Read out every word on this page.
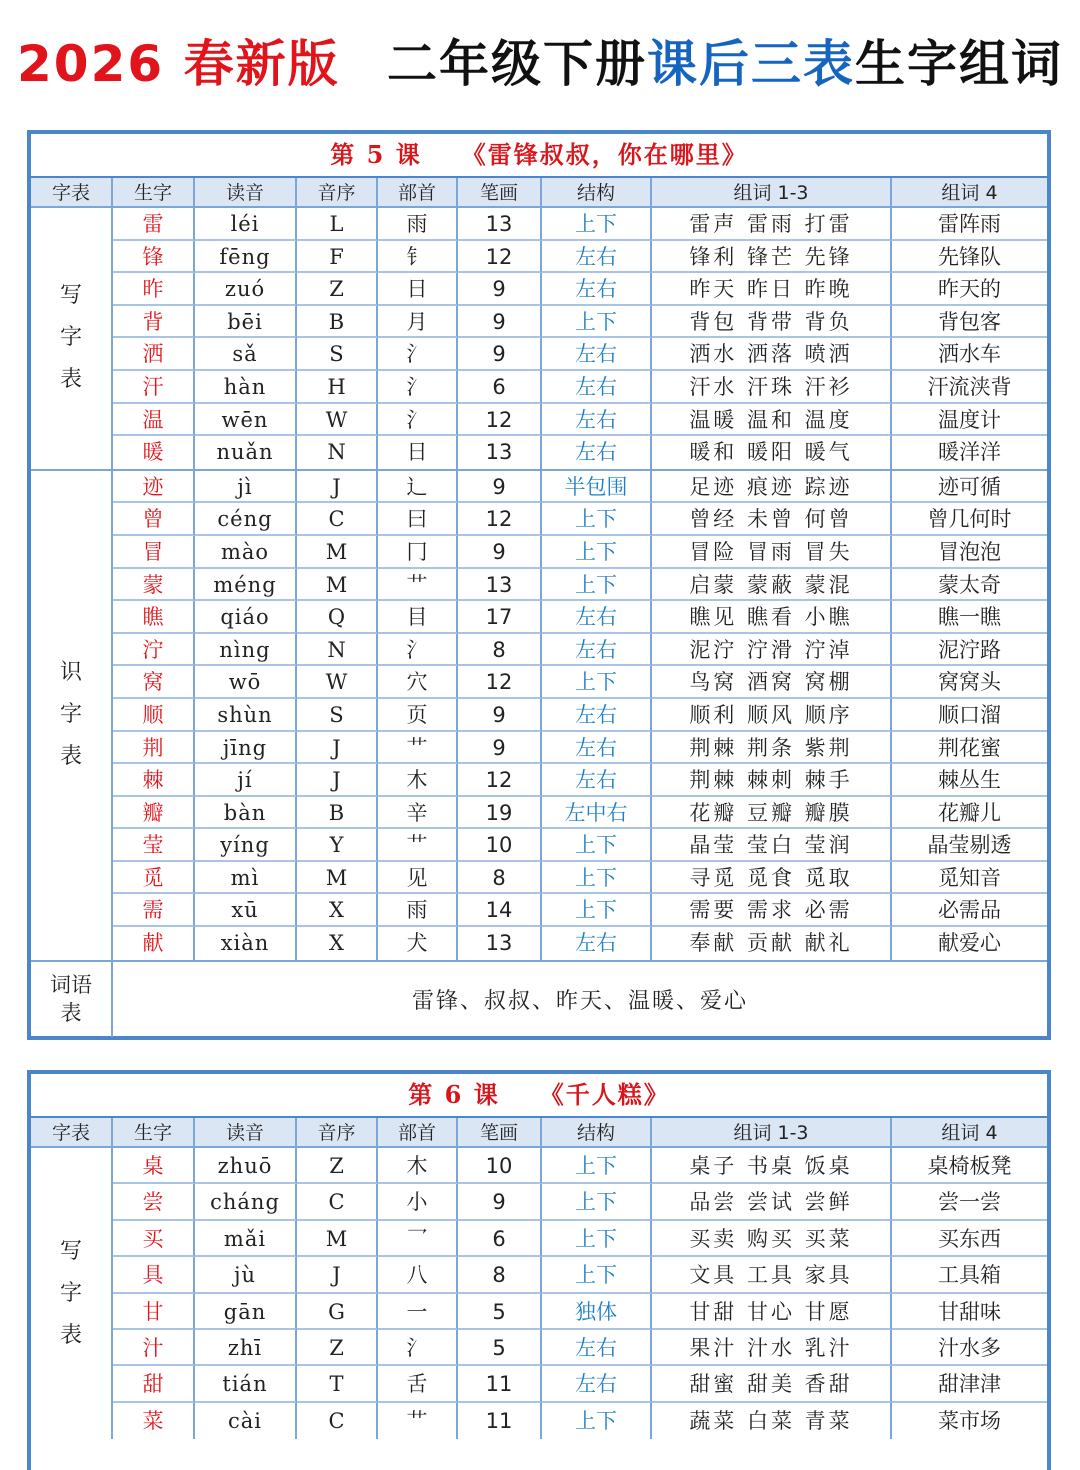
2026 春新版 二年级下册课后三表生字组词
第 5 课 《雷锋叔叔，你在哪里》
字表	生字	读音	音序	部首	笔画	结构	组词 1-3	组词 4
写
字
表
雷	léi	L	雨	13	上下	雷声 雷雨 打雷	雷阵雨
锋	fēng	F	钅	12	左右	锋利 锋芒 先锋	先锋队
昨	zuó	Z	日	9	左右	昨天 昨日 昨晚	昨天的
背	bēi	B	月	9	上下	背包 背带 背负	背包客
洒	sǎ	S	氵	9	左右	洒水 洒落 喷洒	洒水车
汗	hàn	H	氵	6	左右	汗水 汗珠 汗衫	汗流浃背
温	wēn	W	氵	12	左右	温暖 温和 温度	温度计
暖	nuǎn	N	日	13	左右	暖和 暖阳 暖气	暖洋洋
识
字
表
迹	jì	J	辶	9	半包围	足迹 痕迹 踪迹	迹可循
曾	céng	C	曰	12	上下	曾经 未曾 何曾	曾几何时
冒	mào	M	冂	9	上下	冒险 冒雨 冒失	冒泡泡
蒙	méng	M	艹	13	上下	启蒙 蒙蔽 蒙混	蒙太奇
瞧	qiáo	Q	目	17	左右	瞧见 瞧看 小瞧	瞧一瞧
泞	nìng	N	氵	8	左右	泥泞 泞滑 泞淖	泥泞路
窝	wō	W	穴	12	上下	鸟窝 酒窝 窝棚	窝窝头
顺	shùn	S	页	9	左右	顺利 顺风 顺序	顺口溜
荆	jīng	J	艹	9	左右	荆棘 荆条 紫荆	荆花蜜
棘	jí	J	木	12	左右	荆棘 棘刺 棘手	棘丛生
瓣	bàn	B	辛	19	左中右	花瓣 豆瓣 瓣膜	花瓣儿
莹	yíng	Y	艹	10	上下	晶莹 莹白 莹润	晶莹剔透
觅	mì	M	见	8	上下	寻觅 觅食 觅取	觅知音
需	xū	X	雨	14	上下	需要 需求 必需	必需品
献	xiàn	X	犬	13	左右	奉献 贡献 献礼	献爱心
词语
表	雷锋、叔叔、昨天、温暖、爱心
第 6 课 《千人糕》
字表	生字	读音	音序	部首	笔画	结构	组词 1-3	组词 4
写
字
表
桌	zhuō	Z	木	10	上下	桌子 书桌 饭桌	桌椅板凳
尝	cháng	C	小	9	上下	品尝 尝试 尝鲜	尝一尝
买	mǎi	M	乛	6	上下	买卖 购买 买菜	买东西
具	jù	J	八	8	上下	文具 工具 家具	工具箱
甘	gān	G	一	5	独体	甘甜 甘心 甘愿	甘甜味
汁	zhī	Z	氵	5	左右	果汁 汁水 乳汁	汁水多
甜	tián	T	舌	11	左右	甜蜜 甜美 香甜	甜津津
菜	cài	C	艹	11	上下	蔬菜 白菜 青菜	菜市场
